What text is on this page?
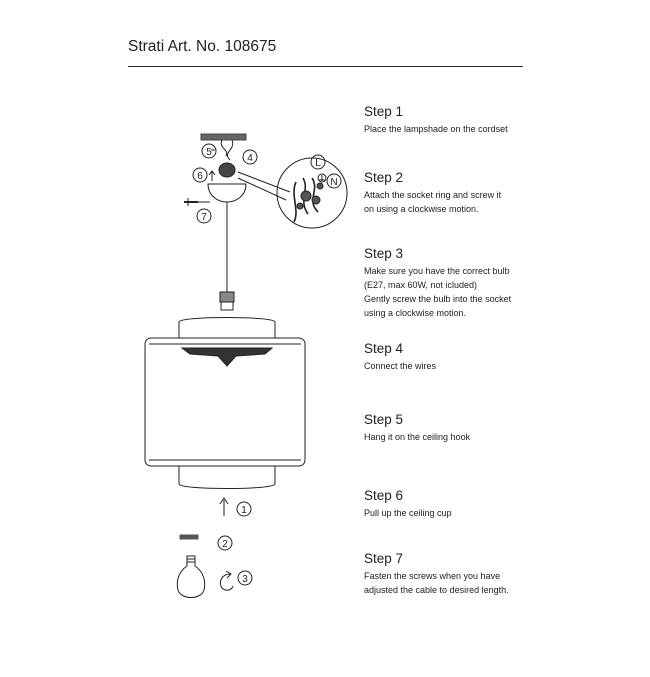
Strati Art. No. 108675
5
4
6
7
1
2
3
L
N
Step 1

Place the lampshade on the cordset

Step 2

Attach the socket ring and screw it

on using a clockwise motion.

Step 3

Make sure you have the correct bulb

(E27, max 60W, not icluded)

Gently screw the bulb into the socket

using a clockwise motion.

Step 4

Connect the wires

Step 5

Hang it on the ceiling hook

Step 6

Pull up the ceiling cup

Step 7

Fasten the screws when you have

adjusted the cable to desired length.
